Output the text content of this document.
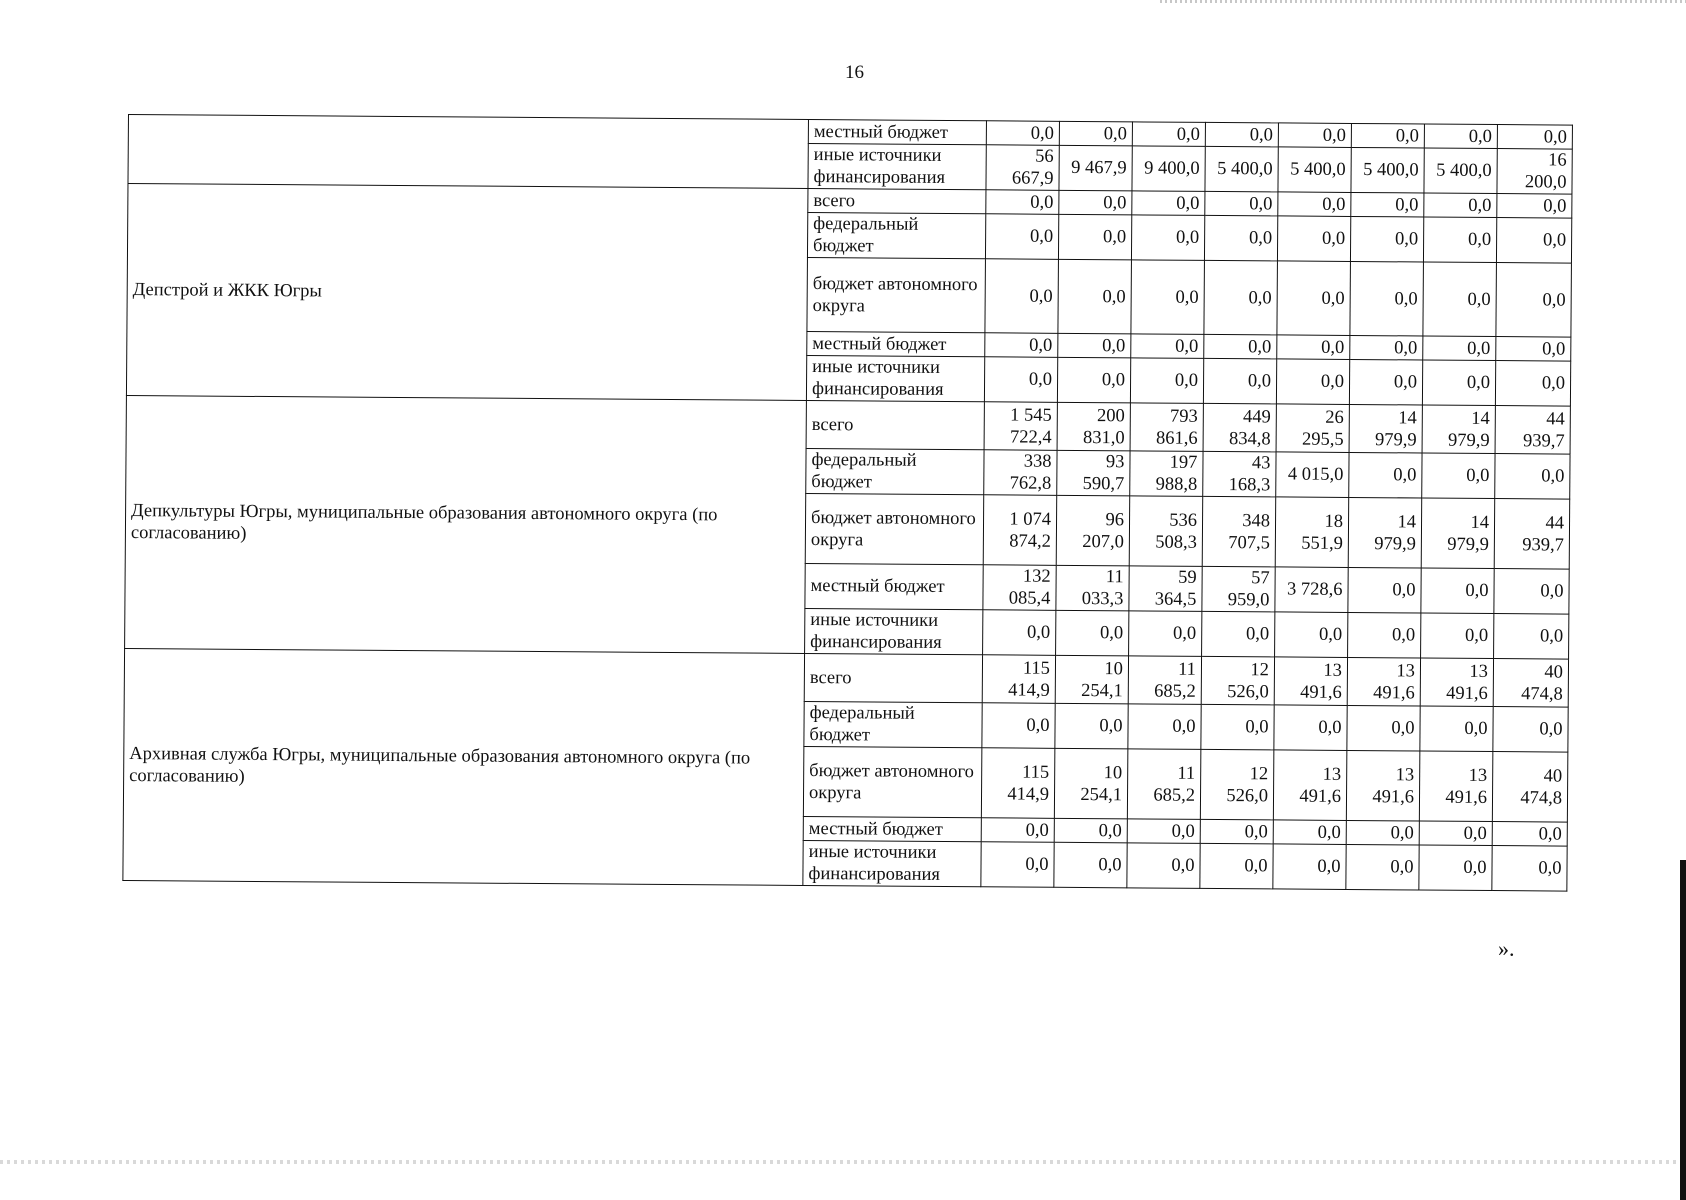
16
	местный бюджет	0,0	0,0	0,0	0,0	0,0	0,0	0,0	0,0
	иные источники финансирования	56 667,9	9 467,9	9 400,0	5 400,0	5 400,0	5 400,0	5 400,0	16 200,0
Депстрой и ЖКК Югры	всего	0,0	0,0	0,0	0,0	0,0	0,0	0,0	0,0
	федеральный бюджет	0,0	0,0	0,0	0,0	0,0	0,0	0,0	0,0
	бюджет автономного округа	0,0	0,0	0,0	0,0	0,0	0,0	0,0	0,0
	местный бюджет	0,0	0,0	0,0	0,0	0,0	0,0	0,0	0,0
	иные источники финансирования	0,0	0,0	0,0	0,0	0,0	0,0	0,0	0,0
Депкультуры Югры, муниципальные образования автономного округа (по согласованию)	всего	1 545 722,4	200 831,0	793 861,6	449 834,8	26 295,5	14 979,9	14 979,9	44 939,7
	федеральный бюджет	338 762,8	93 590,7	197 988,8	43 168,3	4 015,0	0,0	0,0	0,0
	бюджет автономного округа	1 074 874,2	96 207,0	536 508,3	348 707,5	18 551,9	14 979,9	14 979,9	44 939,7
	местный бюджет	132 085,4	11 033,3	59 364,5	57 959,0	3 728,6	0,0	0,0	0,0
	иные источники финансирования	0,0	0,0	0,0	0,0	0,0	0,0	0,0	0,0
Архивная служба Югры, муниципальные образования автономного округа (по согласованию)	всего	115 414,9	10 254,1	11 685,2	12 526,0	13 491,6	13 491,6	13 491,6	40 474,8
	федеральный бюджет	0,0	0,0	0,0	0,0	0,0	0,0	0,0	0,0
	бюджет автономного округа	115 414,9	10 254,1	11 685,2	12 526,0	13 491,6	13 491,6	13 491,6	40 474,8
	местный бюджет	0,0	0,0	0,0	0,0	0,0	0,0	0,0	0,0
	иные источники финансирования	0,0	0,0	0,0	0,0	0,0	0,0	0,0	0,0
».
